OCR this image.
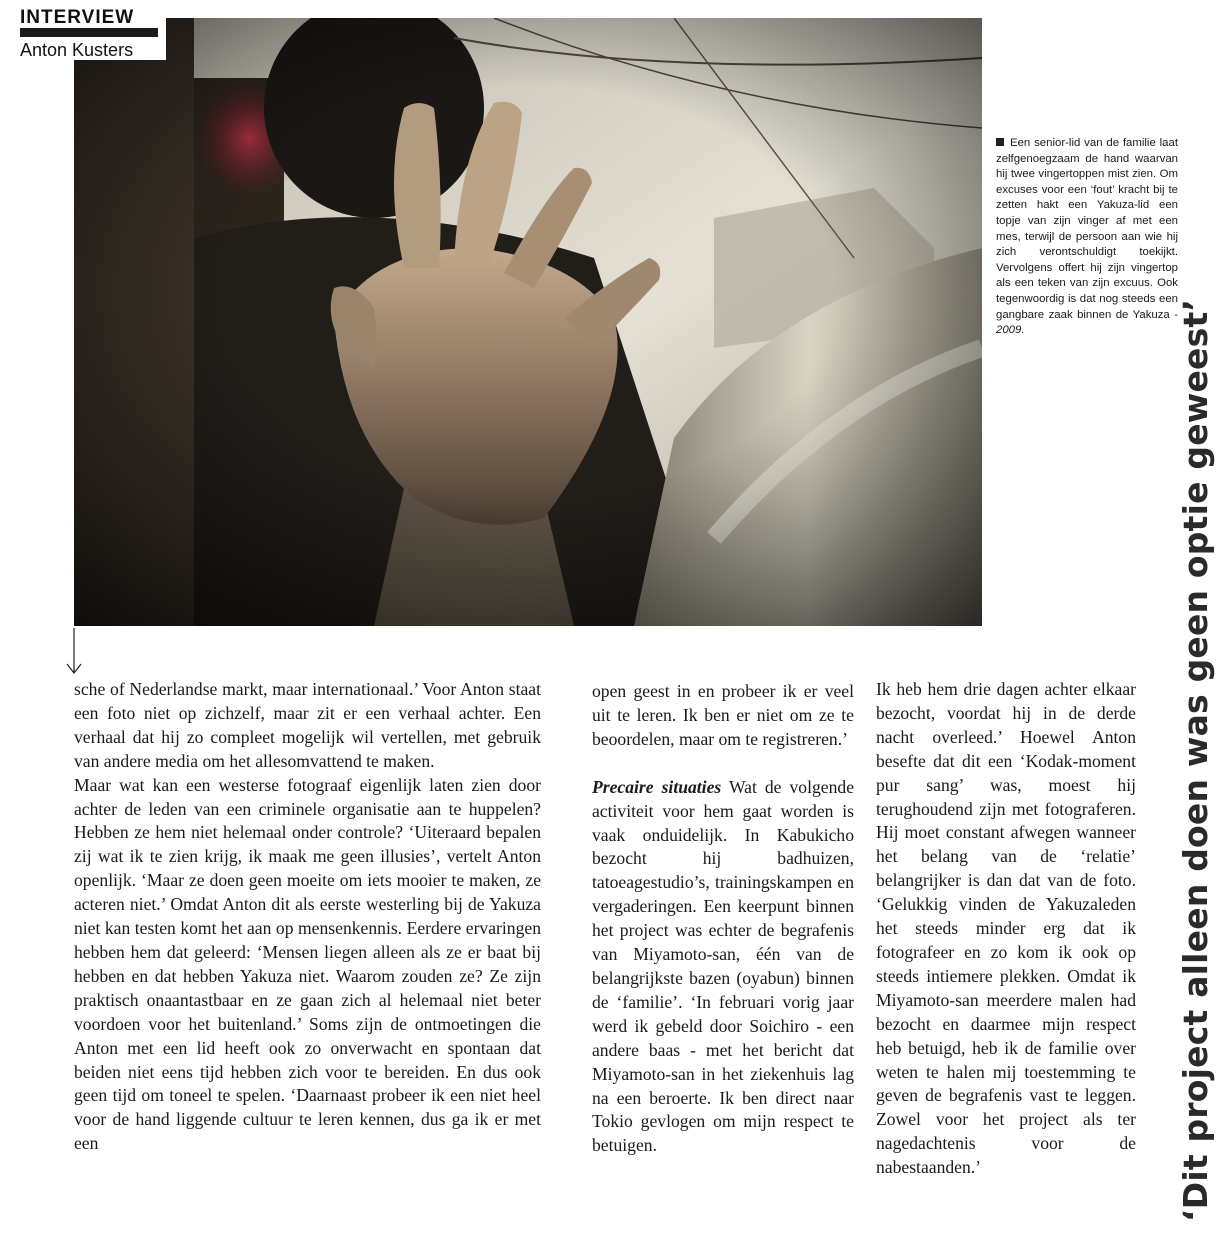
INTERVIEW
Anton Kusters
Een senior-lid van de familie laat zelfgenoegzaam de hand waarvan hij twee vingertoppen mist zien. Om excuses voor een ‘fout’ kracht bij te zetten hakt een Yakuza-lid een topje van zijn vinger af met een mes, terwijl de persoon aan wie hij zich verontschuldigt toekijkt. Vervolgens offert hij zijn vingertop als een teken van zijn excuus. Ook tegenwoordig is dat nog steeds een gangbare zaak binnen de Yakuza - 2009.	‘Dit project alleen doen was geen optie geweest’

sche of Nederlandse markt, maar internationaal.’ Voor Anton staat een foto niet op zichzelf, maar zit er een verhaal achter. Een verhaal dat hij zo compleet mogelijk wil vertellen, met gebruik van andere media om het allesomvattend te maken.

Maar wat kan een westerse fotograaf eigenlijk laten zien door achter de leden van een criminele organisatie aan te huppelen? Hebben ze hem niet helemaal onder controle? ‘Uiteraard bepalen zij wat ik te zien krijg, ik maak me geen illusies’, vertelt Anton openlijk. ‘Maar ze doen geen moeite om iets mooier te maken, ze acteren niet.’ Omdat Anton dit als eerste westerling bij de Yakuza niet kan testen komt het aan op mensenkennis. Eerdere ervaringen hebben hem dat geleerd: ‘Mensen liegen alleen als ze er baat bij hebben en dat hebben Yakuza niet. Waarom zouden ze? Ze zijn praktisch onaantastbaar en ze gaan zich al helemaal niet beter voordoen voor het buitenland.’ Soms zijn de ontmoetingen die Anton met een lid heeft ook zo onverwacht en spontaan dat beiden niet eens tijd hebben zich voor te bereiden. En dus ook geen tijd om toneel te spelen. ‘Daarnaast probeer ik een niet heel voor de hand liggende cultuur te leren kennen, dus ga ik er met een

open geest in en probeer ik er veel uit te leren. Ik ben er niet om ze te beoordelen, maar om te registreren.’

Precaire situaties Wat de volgende activiteit voor hem gaat worden is vaak onduidelijk. In Kabukicho bezocht hij badhuizen, tatoeagestudio’s, trainingskampen en vergaderingen. Een keerpunt binnen het project was echter de begrafenis van Miyamoto-san, één van de belangrijkste bazen (oyabun) binnen de ‘familie’. ‘In februari vorig jaar werd ik gebeld door Soichiro - een andere baas - met het bericht dat Miyamoto-san in het ziekenhuis lag na een beroerte. Ik ben direct naar Tokio gevlogen om mijn respect te betuigen.

Ik heb hem drie dagen achter elkaar bezocht, voordat hij in de derde nacht overleed.’ Hoewel Anton besefte dat dit een ‘Kodak-moment pur sang’ was, moest hij terughoudend zijn met fotograferen. Hij moet constant afwegen wanneer het belang van de ‘relatie’ belangrijker is dan dat van de foto. ‘Gelukkig vinden de Yakuzaleden het steeds minder erg dat ik fotografeer en zo kom ik ook op steeds intiemere plekken. Omdat ik Miyamoto-san meerdere malen had bezocht en daarmee mijn respect heb betuigd, heb ik de familie over weten te halen mij toestemming te geven de begrafenis vast te leggen. Zowel voor het project als ter nagedachtenis voor de nabestaanden.’
